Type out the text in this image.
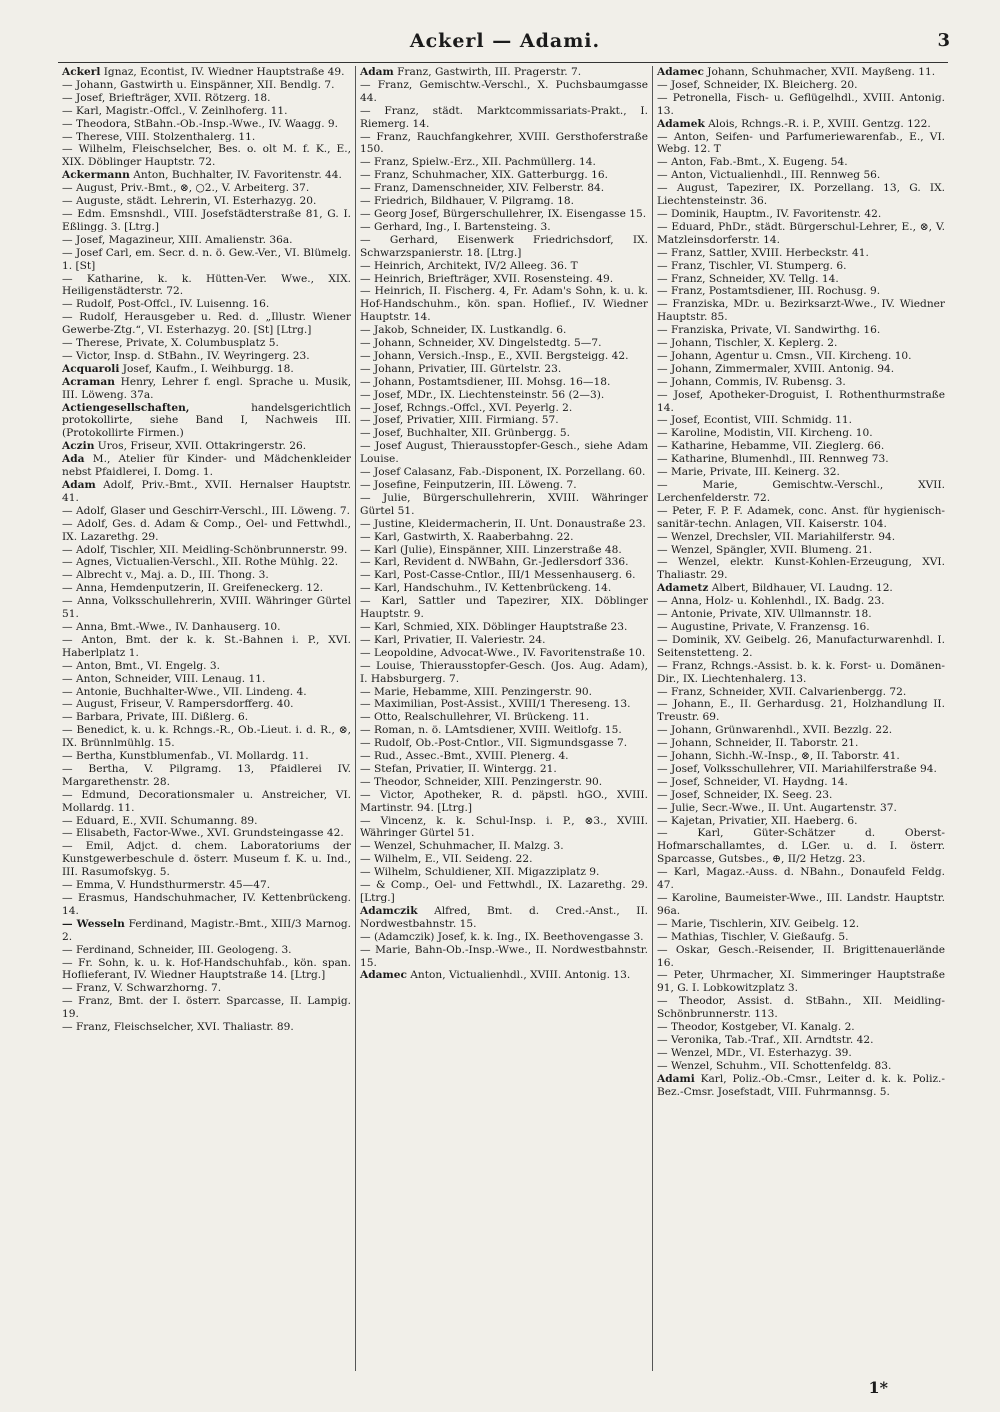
Ackerl — Adami.	3

Ackerl Ignaz, Econtist, IV. Wiedner Hauptstraße 49.

— Johann, Gastwirth u. Einspänner, XII. Bendlg. 7.

— Josef, Briefträger, XVII. Rötzerg. 18.

— Karl, Magistr.-Offcl., V. Zeinlhoferg. 11.

— Theodora, StBahn.-Ob.-Insp.-Wwe., IV. Waagg. 9.

— Therese, VIII. Stolzenthalerg. 11.

— Wilhelm, Fleischselcher, Bes. o. olt M. f. K., E., XIX. Döblinger Hauptstr. 72.

Ackermann Anton, Buchhalter, IV. Favoritenstr. 44.

— August, Priv.-Bmt., ⊗, ○2., V. Arbeiterg. 37.

— Auguste, städt. Lehrerin, VI. Esterhazyg. 20.

— Edm. Emsnshdl., VIII. Josefstädterstraße 81, G. I. Eßlingg. 3. [Ltrg.]

— Josef, Magazineur, XIII. Amalienstr. 36a.

— Josef Carl, em. Secr. d. n. ö. Gew.-Ver., VI. Blümelg. 1. [St]

— Katharine, k. k. Hütten-Ver. Wwe., XIX. Heiligenstädterstr. 72.

— Rudolf, Post-Offcl., IV. Luisenng. 16.

— Rudolf, Herausgeber u. Red. d. „Illustr. Wiener Gewerbe-Ztg.“, VI. Esterhazyg. 20. [St] [Ltrg.]

— Therese, Private, X. Columbusplatz 5.

— Victor, Insp. d. StBahn., IV. Weyringerg. 23.

Acquaroli Josef, Kaufm., I. Weihburgg. 18.

Acraman Henry, Lehrer f. engl. Sprache u. Musik, III. Löweng. 37a.

Actiengesellschaften,	handelsgerichtlich protokollirte, siehe Band I, Nachweis III. (Protokollirte Firmen.)

Aczin Uros, Friseur, XVII. Ottakringerstr. 26.

Ada M., Atelier für Kinder- und Mädchenkleider nebst Pfaidlerei, I. Domg. 1.

Adam Adolf, Priv.-Bmt., XVII. Hernalser Hauptstr. 41.

— Adolf, Glaser und Geschirr-Verschl., III. Löweng. 7.

— Adolf, Ges. d. Adam & Comp., Oel- und Fettwhdl., IX. Lazarethg. 29.

— Adolf, Tischler, XII. Meidling-Schönbrunnerstr. 99.

— Agnes, Victualien-Verschl., XII. Rothe Mühlg. 22.

— Albrecht v., Maj. a. D., III. Thong. 3.

— Anna, Hemdenputzerin, II. Greifeneckerg. 12.

— Anna, Volksschullehrerin, XVIII. Währinger Gürtel 51.

— Anna, Bmt.-Wwe., IV. Danhauserg. 10.

— Anton, Bmt. der k. k. St.-Bahnen i. P., XVI. Haberlplatz 1.

— Anton, Bmt., VI. Engelg. 3.

— Anton, Schneider, VIII. Lenaug. 11.

— Antonie, Buchhalter-Wwe., VII. Lindeng. 4.

— August, Friseur, V. Rampersdorfferg. 40.

— Barbara, Private, III. Dißlerg. 6.

— Benedict, k. u. k. Rchngs.-R., Ob.-Lieut. i. d. R., ⊗, IX. Brünnlmühlg. 15.

— Bertha, Kunstblumenfab., VI. Mollardg. 11.

— Bertha, V. Pilgramg. 13, Pfaidlerei IV. Margarethenstr. 28.

— Edmund, Decorationsmaler u. Anstreicher, VI. Mollardg. 11.

— Eduard, E., XVII. Schumanng. 89.

— Elisabeth, Factor-Wwe., XVI. Grundsteingasse 42.

— Emil, Adjct. d. chem. Laboratoriums der Kunstgewerbeschule d. österr. Museum f. K. u. Ind., III. Rasumofskyg. 5.

— Emma, V. Hundsthurmerstr. 45—47.

— Erasmus, Handschuhmacher, IV. Kettenbrückeng. 14.

— Wesseln Ferdinand, Magistr.-Bmt., XIII/3 Marnog. 2.

— Ferdinand, Schneider, III. Geologeng. 3.

— Fr. Sohn, k. u. k. Hof-Handschuhfab., kön. span. Hoflieferant, IV. Wiedner Hauptstraße 14. [Ltrg.]

— Franz, V. Schwarzhorng. 7.

— Franz, Bmt. der I. österr. Sparcasse, II. Lampig. 19.

— Franz, Fleischselcher, XVI. Thaliastr. 89.

Adam Franz, Gastwirth, III. Pragerstr. 7.

— Franz, Gemischtw.-Verschl., X. Puchsbaumgasse 44.

— Franz, städt. Marktcommissariats-Prakt., I. Riemerg. 14.

— Franz, Rauchfangkehrer, XVIII. Gersthoferstraße 150.

— Franz, Spielw.-Erz., XII. Pachmüllerg. 14.

— Franz, Schuhmacher, XIX. Gatterburgg. 16.

— Franz, Damenschneider, XIV. Felberstr. 84.

— Friedrich, Bildhauer, V. Pilgramg. 18.

— Georg Josef, Bürgerschullehrer, IX. Eisengasse 15.

— Gerhard, Ing., I. Bartensteing. 3.

— Gerhard, Eisenwerk Friedrichsdorf, IX. Schwarzspanierstr. 18. [Ltrg.]

— Heinrich, Architekt, IV/2 Alleeg. 36. T

— Heinrich, Briefträger, XVII. Rosensteing. 49.

— Heinrich, II. Fischerg. 4, Fr. Adam's Sohn, k. u. k. Hof-Handschuhm., kön. span. Hoflief., IV. Wiedner Hauptstr. 14.

— Jakob, Schneider, IX. Lustkandlg. 6.

— Johann, Schneider, XV. Dingelstedtg. 5—7.

— Johann, Versich.-Insp., E., XVII. Bergsteigg. 42.

— Johann, Privatier, III. Gürtelstr. 23.

— Johann, Postamtsdiener, III. Mohsg. 16—18.

— Josef, MDr., IX. Liechtensteinstr. 56 (2—3).

— Josef, Rchngs.-Offcl., XVI. Peyerlg. 2.

— Josef, Privatier, XIII. Firmiang. 57.

— Josef, Buchhalter, XII. Grünbergg. 5.

— Josef August, Thierausstopfer-Gesch., siehe Adam Louise.

— Josef Calasanz, Fab.-Disponent, IX. Porzellang. 60.

— Josefine, Feinputzerin, III. Löweng. 7.

— Julie, Bürgerschullehrerin, XVIII. Währinger Gürtel 51.

— Justine, Kleidermacherin, II. Unt. Donaustraße 23.

— Karl, Gastwirth, X. Raaberbahng. 22.

— Karl (Julie), Einspänner, XIII. Linzerstraße 48.

— Karl, Revident d. NWBahn, Gr.-Jedlersdorf 336.

— Karl, Post-Casse-Cntlor., III/1 Messenhauserg. 6.

— Karl, Handschuhm., IV. Kettenbrückeng. 14.

— Karl, Sattler und Tapezirer, XIX. Döblinger Hauptstr. 9.

— Karl, Schmied, XIX. Döblinger Hauptstraße 23.

— Karl, Privatier, II. Valeriestr. 24.

— Leopoldine, Advocat-Wwe., IV. Favoritenstraße 10.

— Louise, Thierausstopfer-Gesch. (Jos. Aug. Adam), I. Habsburgerg. 7.

— Marie, Hebamme, XIII. Penzingerstr. 90.

— Maximilian, Post-Assist., XVIII/1 Thereseng. 13.

— Otto, Realschullehrer, VI. Brückeng. 11.

— Roman, n. ö. LAmtsdiener, XVIII. Weitlofg. 15.

— Rudolf, Ob.-Post-Cntlor., VII. Sigmundsgasse 7.

— Rud., Assec.-Bmt., XVIII. Plenerg. 4.

— Stefan, Privatier, II. Wintergg. 21.

— Theodor, Schneider, XIII. Penzingerstr. 90.

— Victor, Apotheker, R. d. päpstl. hGO., XVIII. Martinstr. 94. [Ltrg.]

— Vincenz, k. k. Schul-Insp. i. P., ⊗3., XVIII. Währinger Gürtel 51.

— Wenzel, Schuhmacher, II. Malzg. 3.

— Wilhelm, E., VII. Seideng. 22.

— Wilhelm, Schuldiener, XII. Migazziplatz 9.

— & Comp., Oel- und Fettwhdl., IX. Lazarethg. 29. [Ltrg.]

Adamczik Alfred, Bmt. d. Cred.-Anst., II. Nordwestbahnstr. 15.

— (Adamczik) Josef, k. k. Ing., IX. Beethovengasse 3.

— Marie, Bahn-Ob.-Insp.-Wwe., II. Nordwestbahnstr. 15.

Adamec Anton, Victualienhdl., XVIII. Antonig. 13.

Adamec Johann, Schuhmacher, XVII. Mayßeng. 11.

— Josef, Schneider, IX. Bleicherg. 20.

— Petronella, Fisch- u. Geflügelhdl., XVIII. Antonig. 13.

Adamek Alois, Rchngs.-R. i. P., XVIII. Gentzg. 122.

— Anton, Seifen- und Parfumeriewarenfab., E., VI. Webg. 12. T

— Anton, Fab.-Bmt., X. Eugeng. 54.

— Anton, Victualienhdl., III. Rennweg 56.

— August, Tapezirer, IX. Porzellang. 13, G. IX. Liechtensteinstr. 36.

— Dominik, Hauptm., IV. Favoritenstr. 42.

— Eduard, PhDr., städt. Bürgerschul-Lehrer, E., ⊗, V. Matzleinsdorferstr. 14.

— Franz, Sattler, XVIII. Herbeckstr. 41.

— Franz, Tischler, VI. Stumperg. 6.

— Franz, Schneider, XV. Tellg. 14.

— Franz, Postamtsdiener, III. Rochusg. 9.

— Franziska, MDr. u. Bezirksarzt-Wwe., IV. Wiedner Hauptstr. 85.

— Franziska, Private, VI. Sandwirthg. 16.

— Johann, Tischler, X. Keplerg. 2.

— Johann, Agentur u. Cmsn., VII. Kircheng. 10.

— Johann, Zimmermaler, XVIII. Antonig. 94.

— Johann, Commis, IV. Rubensg. 3.

— Josef, Apotheker-Droguist, I. Rothenthurmstraße 14.

— Josef, Econtist, VIII. Schmidg. 11.

— Karoline, Modistin, VII. Kircheng. 10.

— Katharine, Hebamme, VII. Zieglerg. 66.

— Katharine, Blumenhdl., III. Rennweg 73.

— Marie, Private, III. Keinerg. 32.

— Marie, Gemischtw.-Verschl., XVII. Lerchenfelderstr. 72.

— Peter, F. P. F. Adamek, conc. Anst. für hygienisch-sanitär-techn. Anlagen, VII. Kaiserstr. 104.

— Wenzel, Drechsler, VII. Mariahilferstr. 94.

— Wenzel, Spängler, XVII. Blumeng. 21.

— Wenzel, elektr. Kunst-Kohlen-Erzeugung, XVI. Thaliastr. 29.

Adametz Albert, Bildhauer, VI. Laudng. 12.

— Anna, Holz- u. Kohlenhdl., IX. Badg. 23.

— Antonie, Private, XIV. Ullmannstr. 18.

— Augustine, Private, V. Franzensg. 16.

— Dominik, XV. Geibelg. 26, Manufacturwarenhdl. I. Seitenstetteng. 2.

— Franz, Rchngs.-Assist. b. k. k. Forst- u. Domänen-Dir., IX. Liechtenhalerg. 13.

— Franz, Schneider, XVII. Calvarienbergg. 72.

— Johann, E., II. Gerhardusg. 21, Holzhandlung II. Treustr. 69.

— Johann, Grünwarenhdl., XVII. Bezzlg. 22.

— Johann, Schneider, II. Taborstr. 21.

— Johann, Sichh.-W.-Insp., ⊗, II. Taborstr. 41.

— Josef, Volksschullehrer, VII. Mariahilferstraße 94.

— Josef, Schneider, VI. Haydng. 14.

— Josef, Schneider, IX. Seeg. 23.

— Julie, Secr.-Wwe., II. Unt. Augartenstr. 37.

— Kajetan, Privatier, XII. Haeberg. 6.

— Karl, Güter-Schätzer d. Oberst-Hofmarschallamtes, d. LGer. u. d. I. österr. Sparcasse, Gutsbes., ⊕, II/2 Hetzg. 23.

— Karl, Magaz.-Auss. d. NBahn., Donaufeld Feldg. 47.

— Karoline, Baumeister-Wwe., III. Landstr. Hauptstr. 96a.

— Marie, Tischlerin, XIV. Geibelg. 12.

— Mathias, Tischler, V. Gießaufg. 5.

— Oskar, Gesch.-Reisender, II. Brigittenauerlände 16.

— Peter, Uhrmacher, XI. Simmeringer Hauptstraße 91, G. I. Lobkowitzplatz 3.

— Theodor, Assist. d. StBahn., XII. Meidling-Schönbrunnerstr. 113.

— Theodor, Kostgeber, VI. Kanalg. 2.

— Veronika, Tab.-Traf., XII. Arndtstr. 42.

— Wenzel, MDr., VI. Esterhazyg. 39.

— Wenzel, Schuhm., VII. Schottenfeldg. 83.

Adami Karl, Poliz.-Ob.-Cmsr., Leiter d. k. k. Poliz.-Bez.-Cmsr. Josefstadt, VIII. Fuhrmannsg. 5.

1*
